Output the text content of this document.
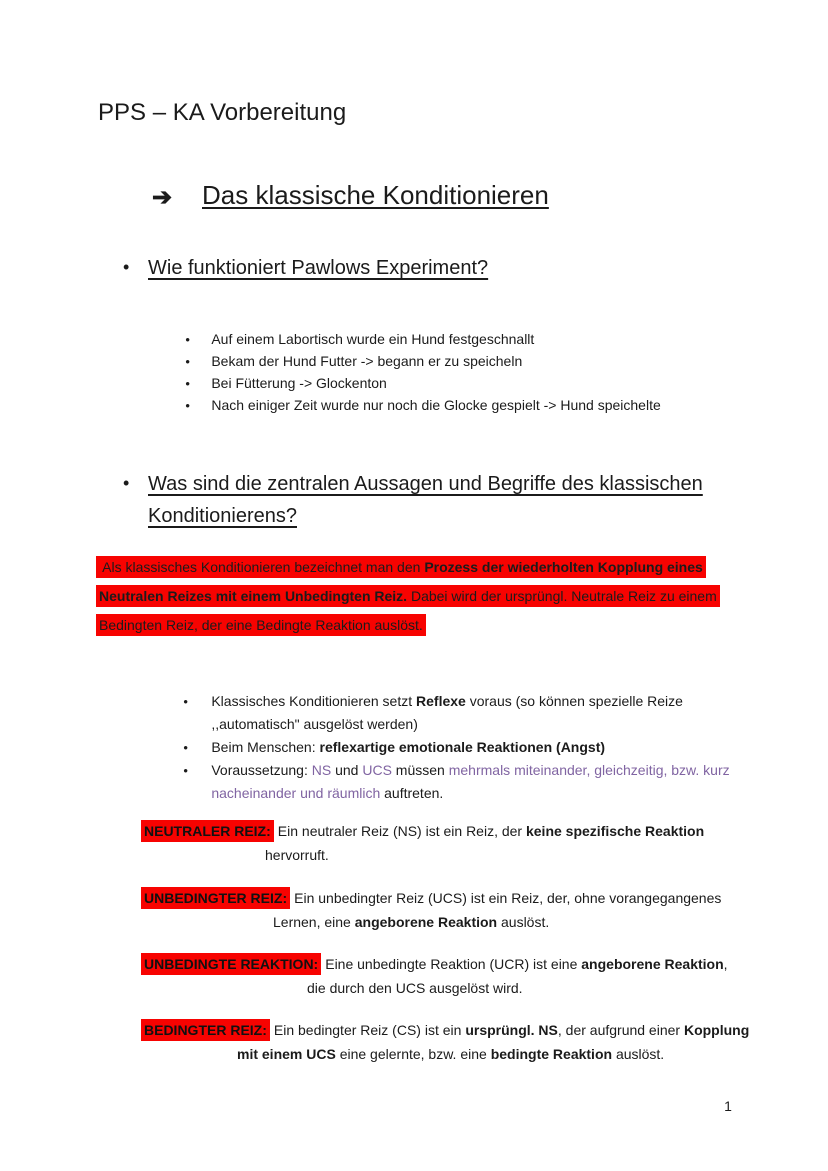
PPS – KA Vorbereitung
➔ Das klassische Konditionieren
• Wie funktioniert Pawlows Experiment?

• Auf einem Labortisch wurde ein Hund festgeschnallt

• Bekam der Hund Futter -> begann er zu speicheln

• Bei Fütterung -> Glockenton

• Nach einiger Zeit wurde nur noch die Glocke gespielt -> Hund speichelte

• Was sind die zentralen Aussagen und Begriffe des klassischen
Konditionierens?
Als klassisches Konditionieren bezeichnet man den Prozess der wiederholten Kopplung eines
Neutralen Reizes mit einem Unbedingten Reiz. Dabei wird der ursprüngl. Neutrale Reiz zu einem
Bedingten Reiz, der eine Bedingte Reaktion auslöst.

• Klassisches Konditionieren setzt Reflexe voraus (so können spezielle Reize

,,automatisch" ausgelöst werden)

• Beim Menschen: reflexartige emotionale Reaktionen (Angst)

• Voraussetzung: NS und UCS müssen mehrmals miteinander, gleichzeitig, bzw. kurz

nacheinander und räumlich auftreten.

NEUTRALER REIZ: Ein neutraler Reiz (NS) ist ein Reiz, der keine spezifische Reaktion
hervorruft.
UNBEDINGTER REIZ: Ein unbedingter Reiz (UCS) ist ein Reiz, der, ohne vorangegangenes
Lernen, eine angeborene Reaktion auslöst.
UNBEDINGTE REAKTION: Eine unbedingte Reaktion (UCR) ist eine angeborene Reaktion,
die durch den UCS ausgelöst wird.
BEDINGTER REIZ: Ein bedingter Reiz (CS) ist ein ursprüngl. NS, der aufgrund einer Kopplung
mit einem UCS eine gelernte, bzw. eine bedingte Reaktion auslöst.
1
